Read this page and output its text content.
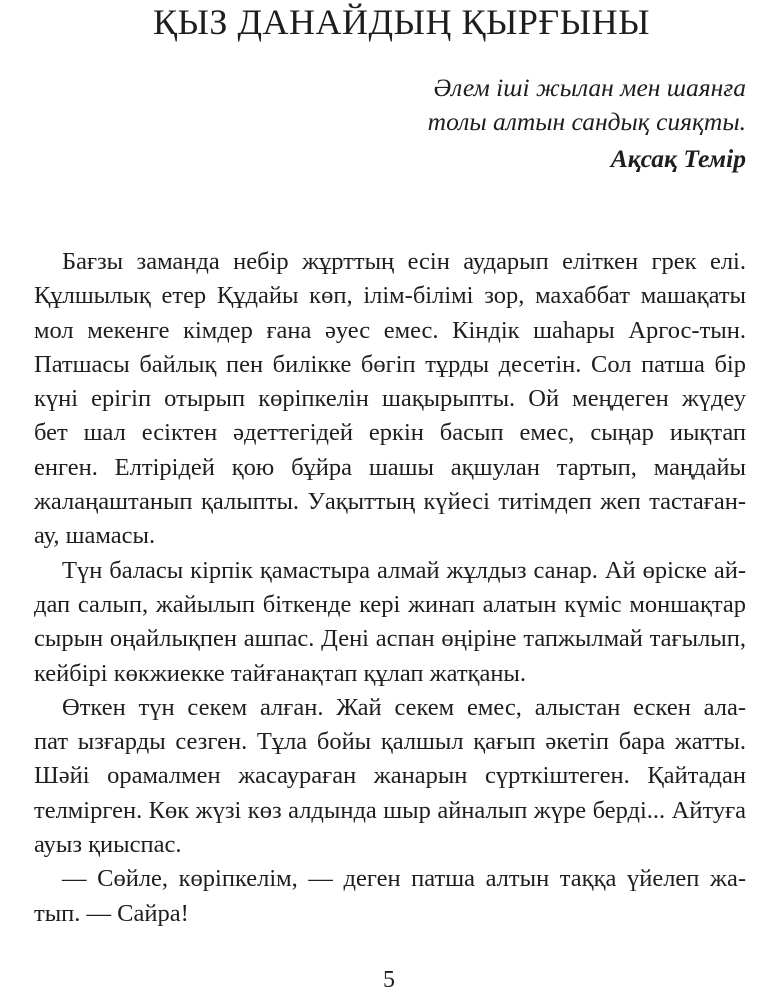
ҚЫЗ ДАНАЙДЫҢ ҚЫРҒЫНЫ
Әлем іші жылан мен шаянға
толы алтын сандық сияқты.
Ақсақ Темір
Бағзы заманда небір жұрттың есін аударып еліткен грек елі.
Құлшылық етер Құдайы көп, ілім-білімі зор, махаббат машақаты
мол мекенге кімдер ғана әуес емес. Кіндік шаһары Аргос-тын.
Патшасы байлық пен билікке бөгіп тұрды десетін. Сол патша бір
күні ерігіп отырып көріпкелін шақырыпты. Ой меңдеген жүдеу
бет шал есіктен әдеттегідей еркін басып емес, сыңар иықтап
енген. Елтірідей қою бұйра шашы ақшулан тартып, маңдайы
жалаңаштанып қалыпты. Уақыттың күйесі титімдеп жеп тастаған-
ау, шамасы.
Түн баласы кірпік қамастыра алмай жұлдыз санар. Ай өріске ай-
дап салып, жайылып біткенде кері жинап алатын күміс моншақтар
сырын оңайлықпен ашпас. Дені аспан өңіріне тапжылмай тағылып,
кейбірі көкжиекке тайғанақтап құлап жатқаны.
Өткен түн секем алған. Жай секем емес, алыстан ескен ала-
пат ызғарды сезген. Тұла бойы қалшыл қағып әкетіп бара жатты.
Шәйі орамалмен жасаураған жанарын сүрткіштеген. Қайтадан
телмірген. Көк жүзі көз алдында шыр айналып жүре берді... Айтуға
ауыз қиыспас.
— Сөйле, көріпкелім, — деген патша алтын таққа үйелеп жа-
тып. — Сайра!
5
